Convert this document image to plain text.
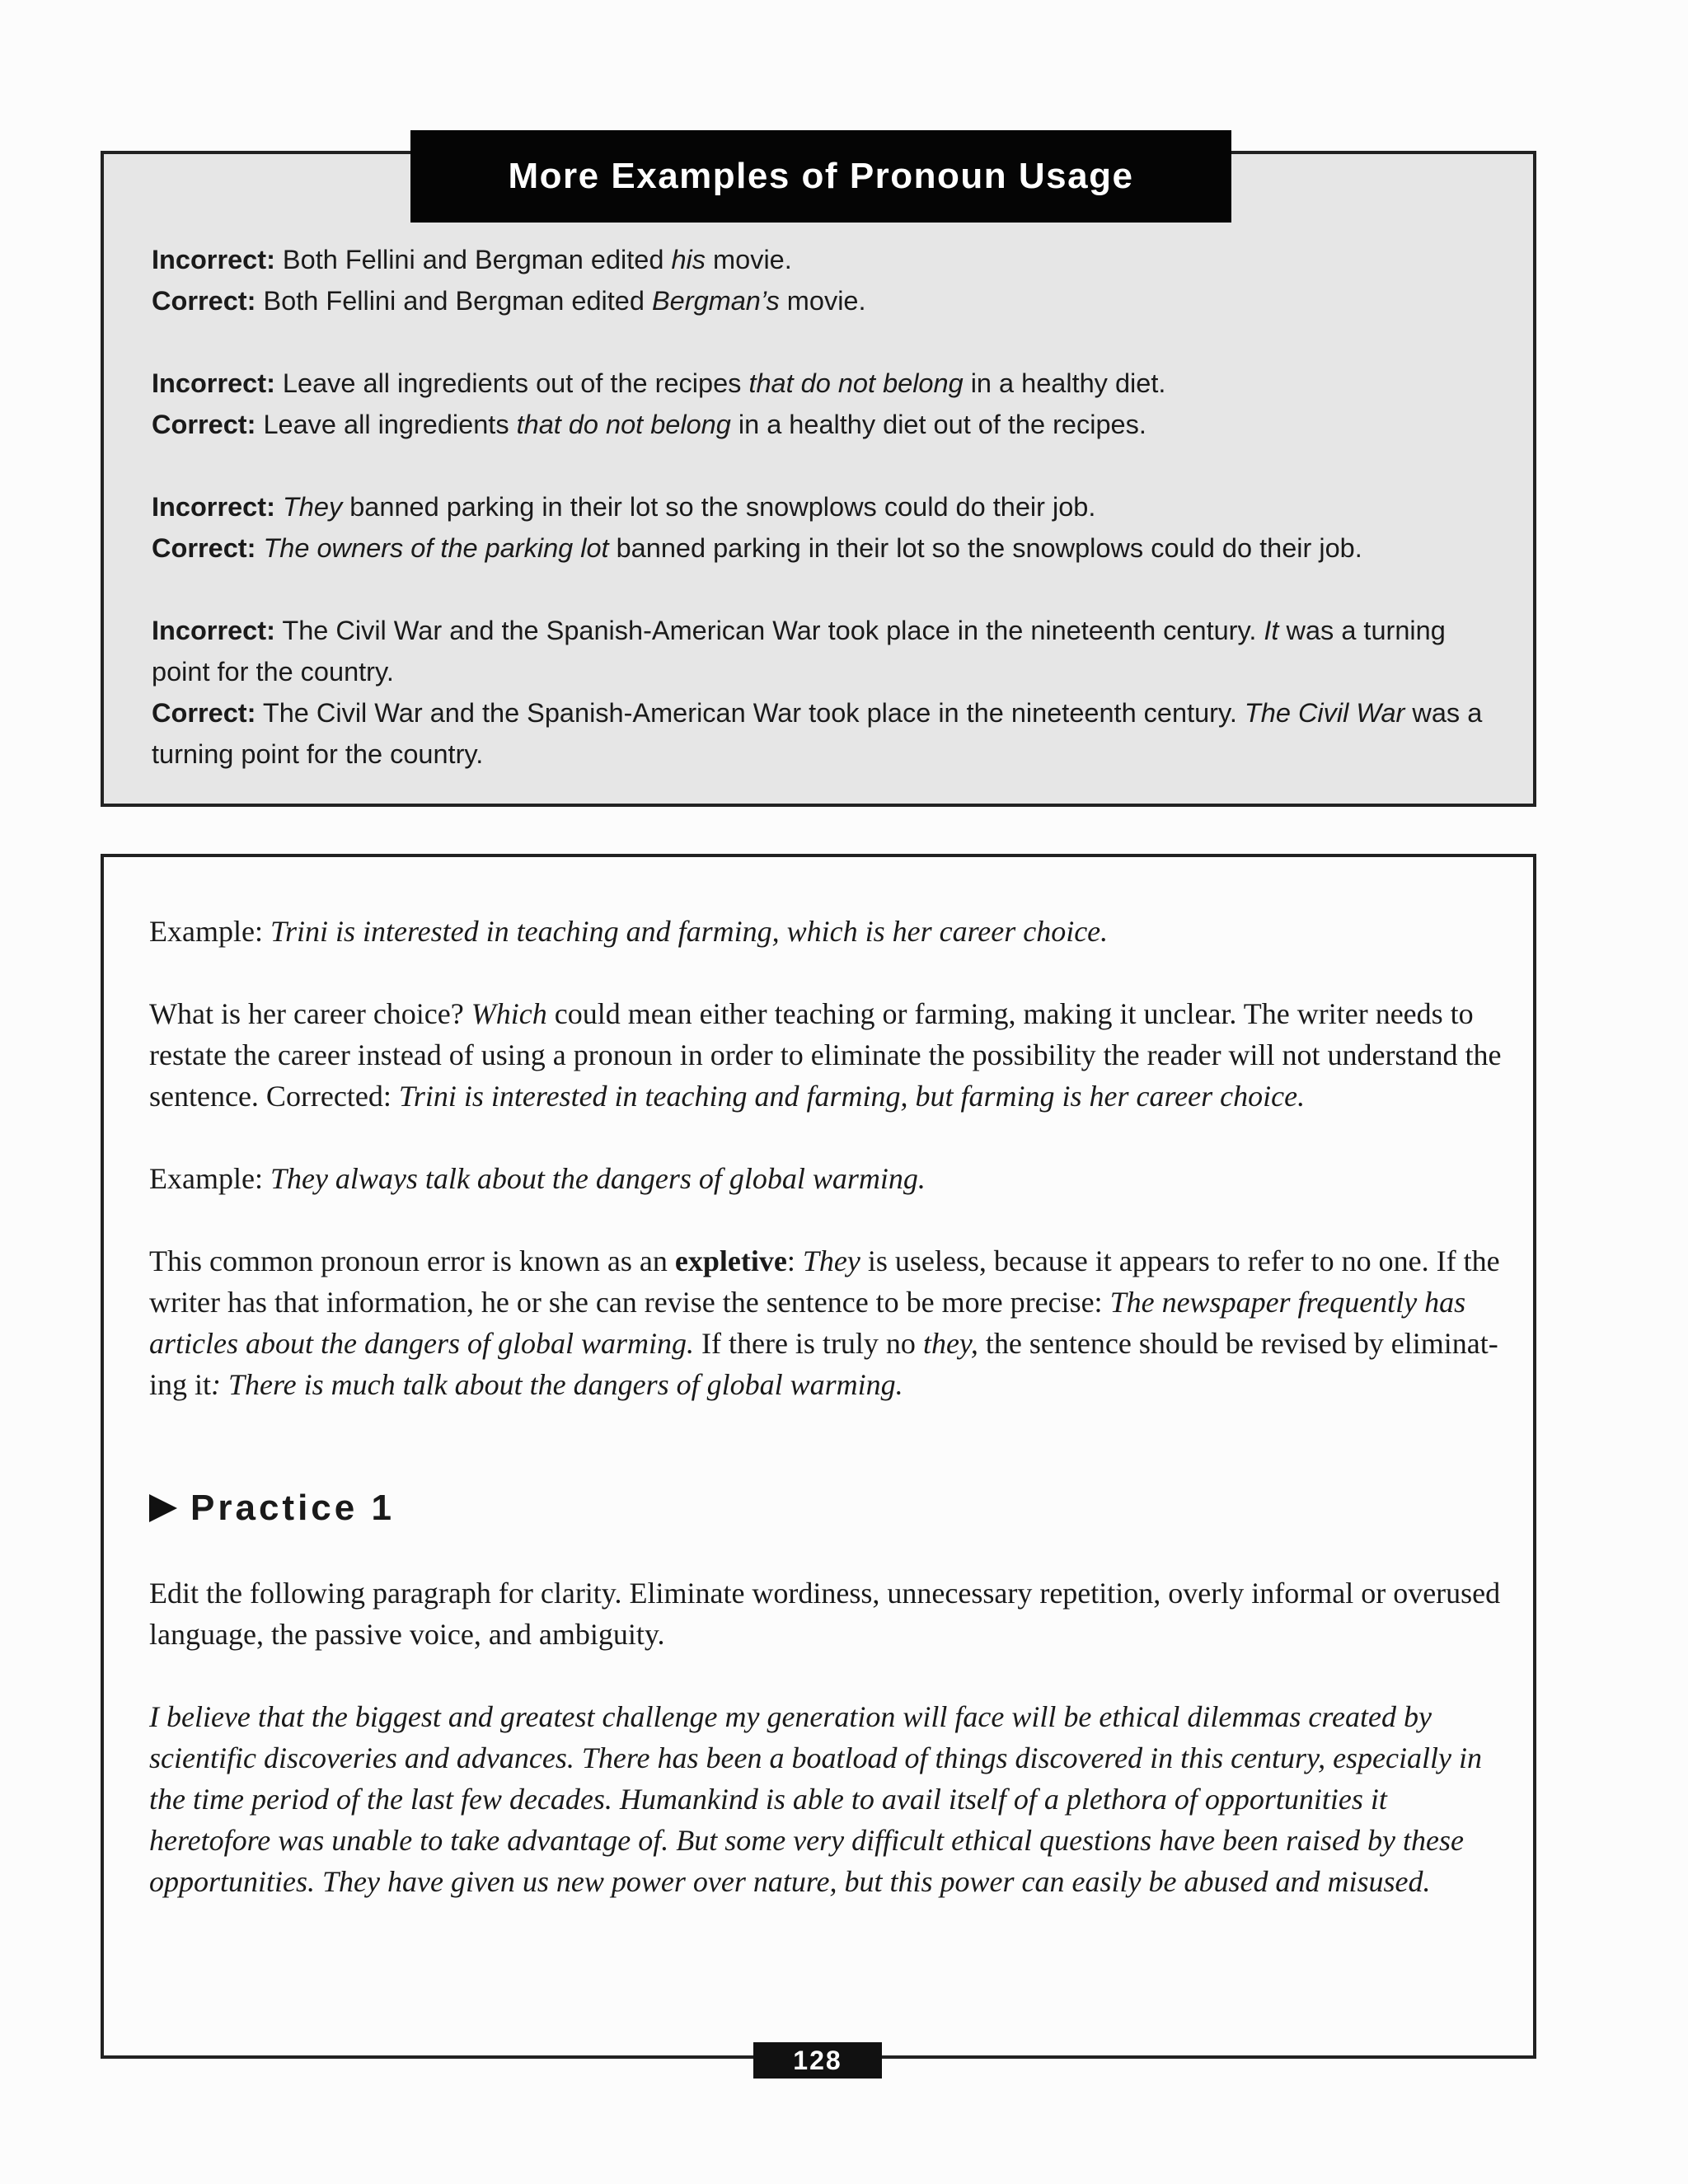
More Examples of Pronoun Usage
Incorrect: Both Fellini and Bergman edited his movie.
Correct: Both Fellini and Bergman edited Bergman’s movie.
Incorrect: Leave all ingredients out of the recipes that do not belong in a healthy diet.
Correct: Leave all ingredients that do not belong in a healthy diet out of the recipes.
Incorrect: They banned parking in their lot so the snowplows could do their job.
Correct: The owners of the parking lot banned parking in their lot so the snowplows could do their job.
Incorrect: The Civil War and the Spanish-American War took place in the nineteenth century. It was a turning point for the country.
Correct: The Civil War and the Spanish-American War took place in the nineteenth century. The Civil War was a turning point for the country.

Example: Trini is interested in teaching and farming, which is her career choice.

What is her career choice? Which could mean either teaching or farming, making it unclear. The writer needs to restate the career instead of using a pronoun in order to eliminate the possibility the reader will not understand the sentence. Corrected: Trini is interested in teaching and farming, but farming is her career choice.

Example: They always talk about the dangers of global warming.

This common pronoun error is known as an expletive: They is useless, because it appears to refer to no one. If the writer has that information, he or she can revise the sentence to be more precise: The newspaper frequently has articles about the dangers of global warming. If there is truly no they, the sentence should be revised by eliminating it: There is much talk about the dangers of global warming.

Practice 1

Edit the following paragraph for clarity. Eliminate wordiness, unnecessary repetition, overly informal or overused language, the passive voice, and ambiguity.

I believe that the biggest and greatest challenge my generation will face will be ethical dilemmas created by scientific discoveries and advances. There has been a boatload of things discovered in this century, especially in the time period of the last few decades. Humankind is able to avail itself of a plethora of opportunities it heretofore was unable to take advantage of. But some very difficult ethical questions have been raised by these opportunities. They have given us new power over nature, but this power can easily be abused and misused.

128
